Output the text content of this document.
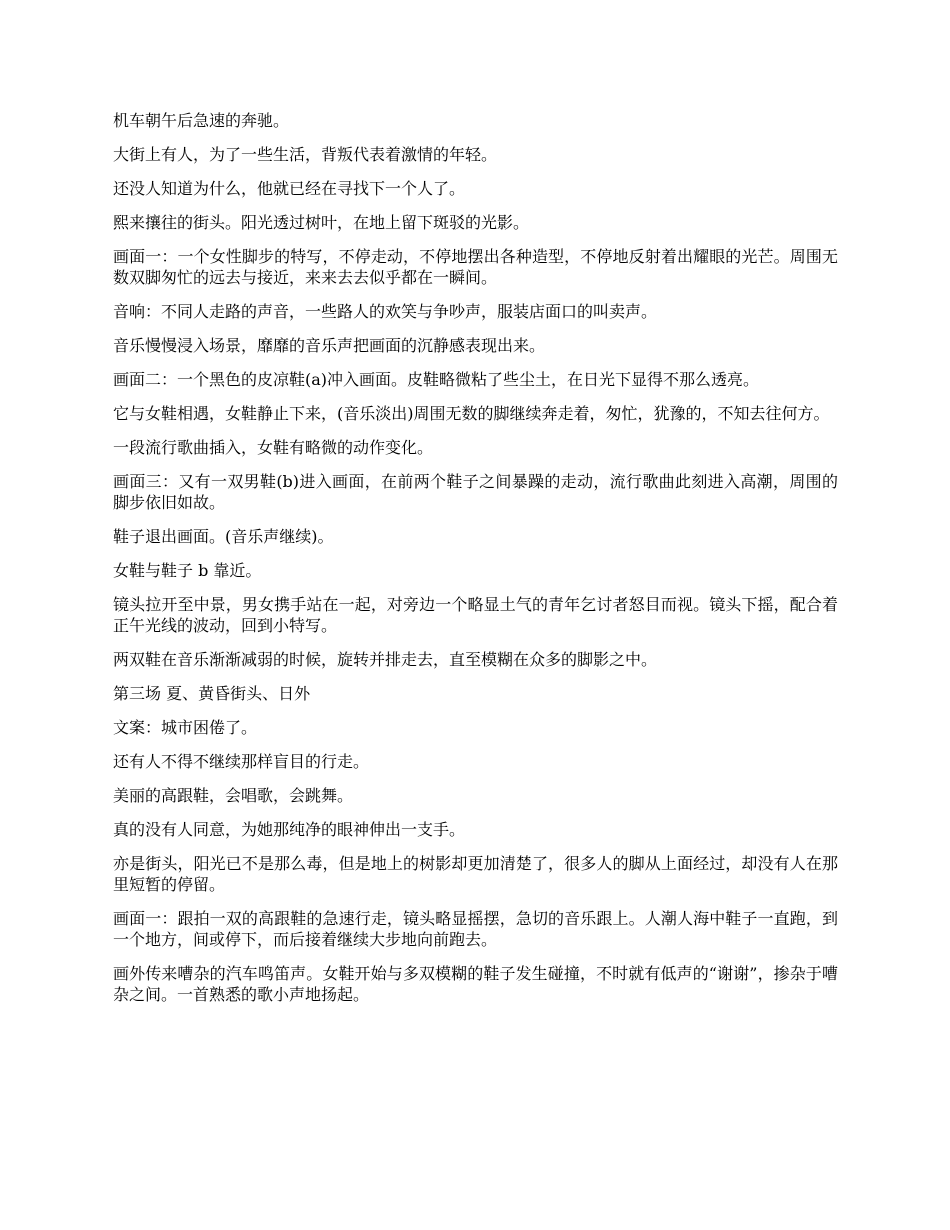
机车朝午后急速的奔驰。

大街上有人，为了一些生活，背叛代表着激情的年轻。

还没人知道为什么，他就已经在寻找下一个人了。

熙来攘往的街头。阳光透过树叶，在地上留下斑驳的光影。

画面一：一个女性脚步的特写，不停走动，不停地摆出各种造型，不停地反射着出耀眼的光芒。周围无数双脚匆忙的远去与接近，来来去去似乎都在一瞬间。

音响：不同人走路的声音，一些路人的欢笑与争吵声，服装店面口的叫卖声。

音乐慢慢浸入场景，靡靡的音乐声把画面的沉静感表现出来。

画面二：一个黑色的皮凉鞋(a)冲入画面。皮鞋略微粘了些尘土，在日光下显得不那么透亮。

它与女鞋相遇，女鞋静止下来，(音乐淡出)周围无数的脚继续奔走着，匆忙，犹豫的，不知去往何方。

一段流行歌曲插入，女鞋有略微的动作变化。

画面三：又有一双男鞋(b)进入画面，在前两个鞋子之间暴躁的走动，流行歌曲此刻进入高潮，周围的脚步依旧如故。

鞋子退出画面。(音乐声继续)。

女鞋与鞋子 b 靠近。

镜头拉开至中景，男女携手站在一起，对旁边一个略显土气的青年乞讨者怒目而视。镜头下摇，配合着正午光线的波动，回到小特写。

两双鞋在音乐渐渐减弱的时候，旋转并排走去，直至模糊在众多的脚影之中。

第三场 夏、黄昏街头、日外

文案：城市困倦了。

还有人不得不继续那样盲目的行走。

美丽的高跟鞋，会唱歌，会跳舞。

真的没有人同意，为她那纯净的眼神伸出一支手。

亦是街头，阳光已不是那么毒，但是地上的树影却更加清楚了，很多人的脚从上面经过，却没有人在那里短暂的停留。

画面一：跟拍一双的高跟鞋的急速行走，镜头略显摇摆，急切的音乐跟上。人潮人海中鞋子一直跑，到一个地方，间或停下，而后接着继续大步地向前跑去。

画外传来嘈杂的汽车鸣笛声。女鞋开始与多双模糊的鞋子发生碰撞，不时就有低声的“谢谢”，掺杂于嘈杂之间。一首熟悉的歌小声地扬起。
